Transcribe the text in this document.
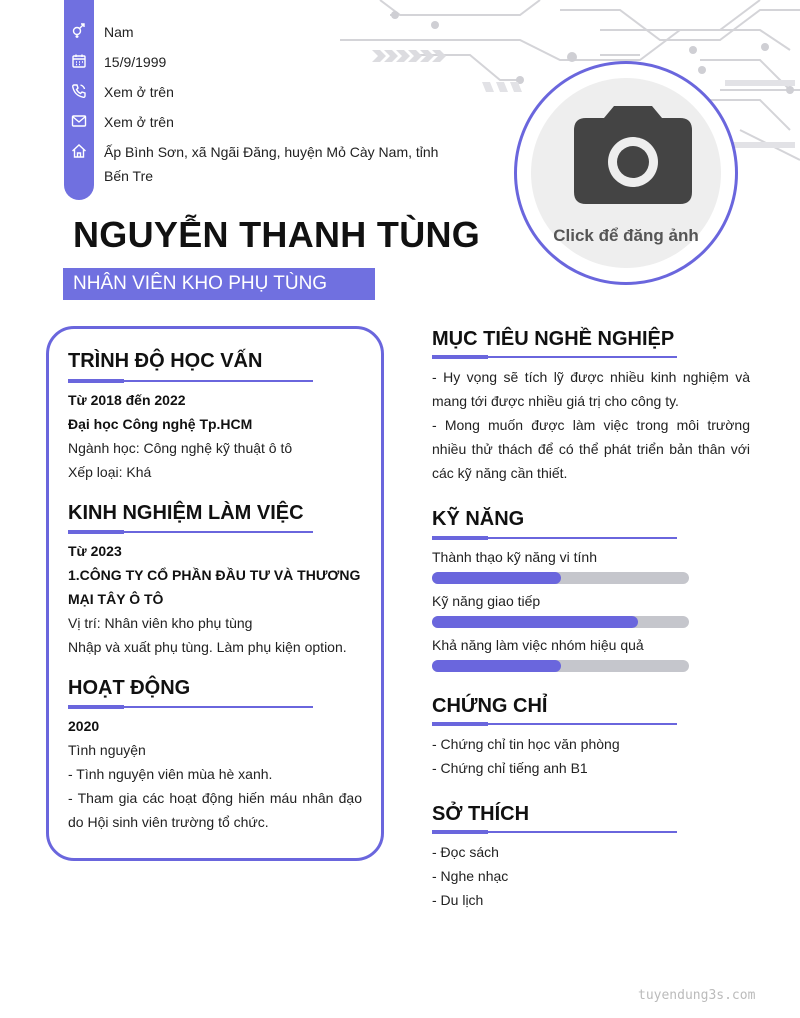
Nam
15/9/1999
Xem ở trên
Xem ở trên
Ấp Bình Sơn, xã Ngãi Đăng, huyện Mỏ Cày Nam, tỉnh Bến Tre
Click để đăng ảnh
NGUYỄN THANH TÙNG
NHÂN VIÊN KHO PHỤ TÙNG
TRÌNH ĐỘ HỌC VẤN
Từ 2018 đến 2022
Đại học Công nghệ Tp.HCM
Ngành học: Công nghệ kỹ thuật ô tô
Xếp loại: Khá
KINH NGHIỆM LÀM VIỆC
Từ 2023
1.CÔNG TY CỔ PHẦN ĐẦU TƯ VÀ THƯƠNG MẠI TÂY Ô TÔ
Vị trí: Nhân viên kho phụ tùng
Nhập và xuất phụ tùng. Làm phụ kiện option.
HOẠT ĐỘNG
2020
Tình nguyện
- Tình nguyện viên mùa hè xanh.
- Tham gia các hoạt động hiến máu nhân đạo do Hội sinh viên trường tổ chức.
MỤC TIÊU NGHỀ NGHIỆP
- Hy vọng sẽ tích lỹ được nhiều kinh nghiệm và mang tới được nhiều giá trị cho công ty.
- Mong muốn được làm việc trong môi trường nhiều thử thách để có thể phát triển bản thân với các kỹ năng cần thiết.
KỸ NĂNG
Thành thạo kỹ năng vi tính
Kỹ năng giao tiếp
Khả năng làm việc nhóm hiệu quả
CHỨNG CHỈ
- Chứng chỉ tin học văn phòng
- Chứng chỉ tiếng anh B1
SỞ THÍCH
- Đọc sách
- Nghe nhạc
- Du lịch
tuyendung3s.com
